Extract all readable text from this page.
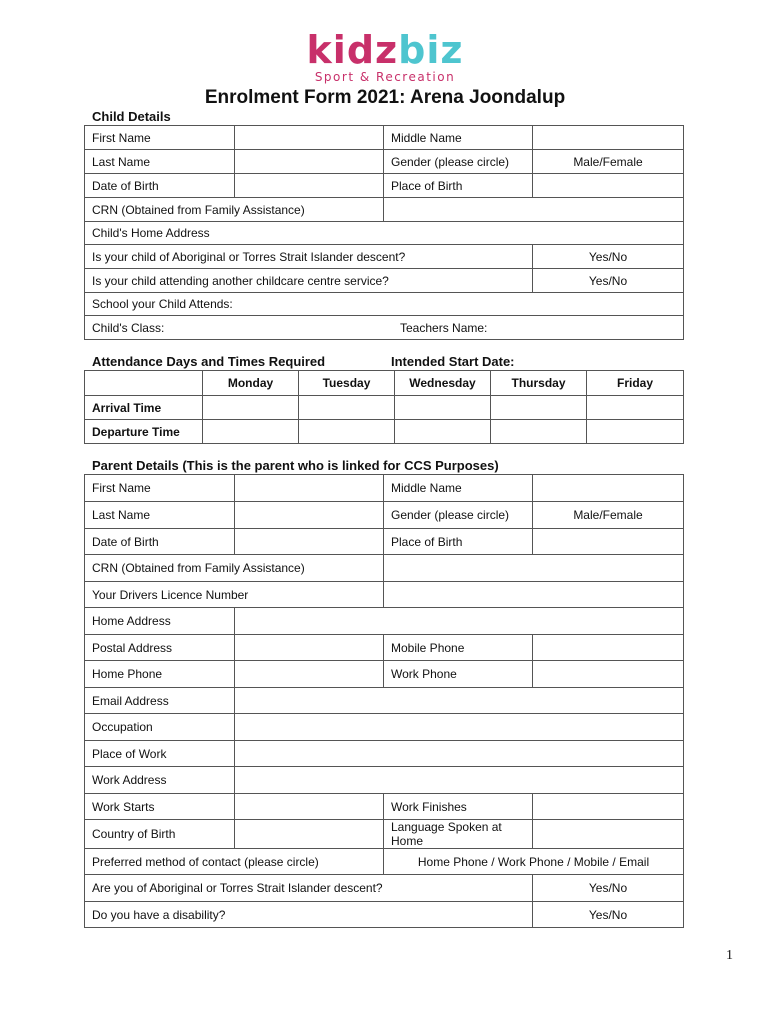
kidzbiz
Sport & Recreation
Enrolment Form 2021: Arena Joondalup
Child Details
First Name		Middle Name	
Last Name		Gender (please circle)	Male/Female
Date of Birth		Place of Birth	
CRN (Obtained from Family Assistance)			
Child's Home Address			
Is your child of Aboriginal or Torres Strait Islander descent?			Yes/No
Is your child attending another childcare centre service?			Yes/No
School your Child Attends:			

Child's Class: Teachers Name:			
Attendance Days and Times Required	Intended Start Date:
	Monday	Tuesday	Wednesday	Thursday	Friday
Arrival Time					
Departure Time					
Parent Details (This is the parent who is linked for CCS Purposes)
First Name		Middle Name	
Last Name		Gender (please circle)	Male/Female
Date of Birth		Place of Birth	
CRN (Obtained from Family Assistance)			
Your Drivers Licence Number			
Home Address			
Postal Address		Mobile Phone	
Home Phone		Work Phone	
Email Address			
Occupation			
Place of Work			
Work Address			
Work Starts		Work Finishes	
Country of Birth		Language Spoken at Home	
Preferred method of contact (please circle)		Home Phone / Work Phone / Mobile / Email	
Are you of Aboriginal or Torres Strait Islander descent?			Yes/No
Do you have a disability?			Yes/No
1
